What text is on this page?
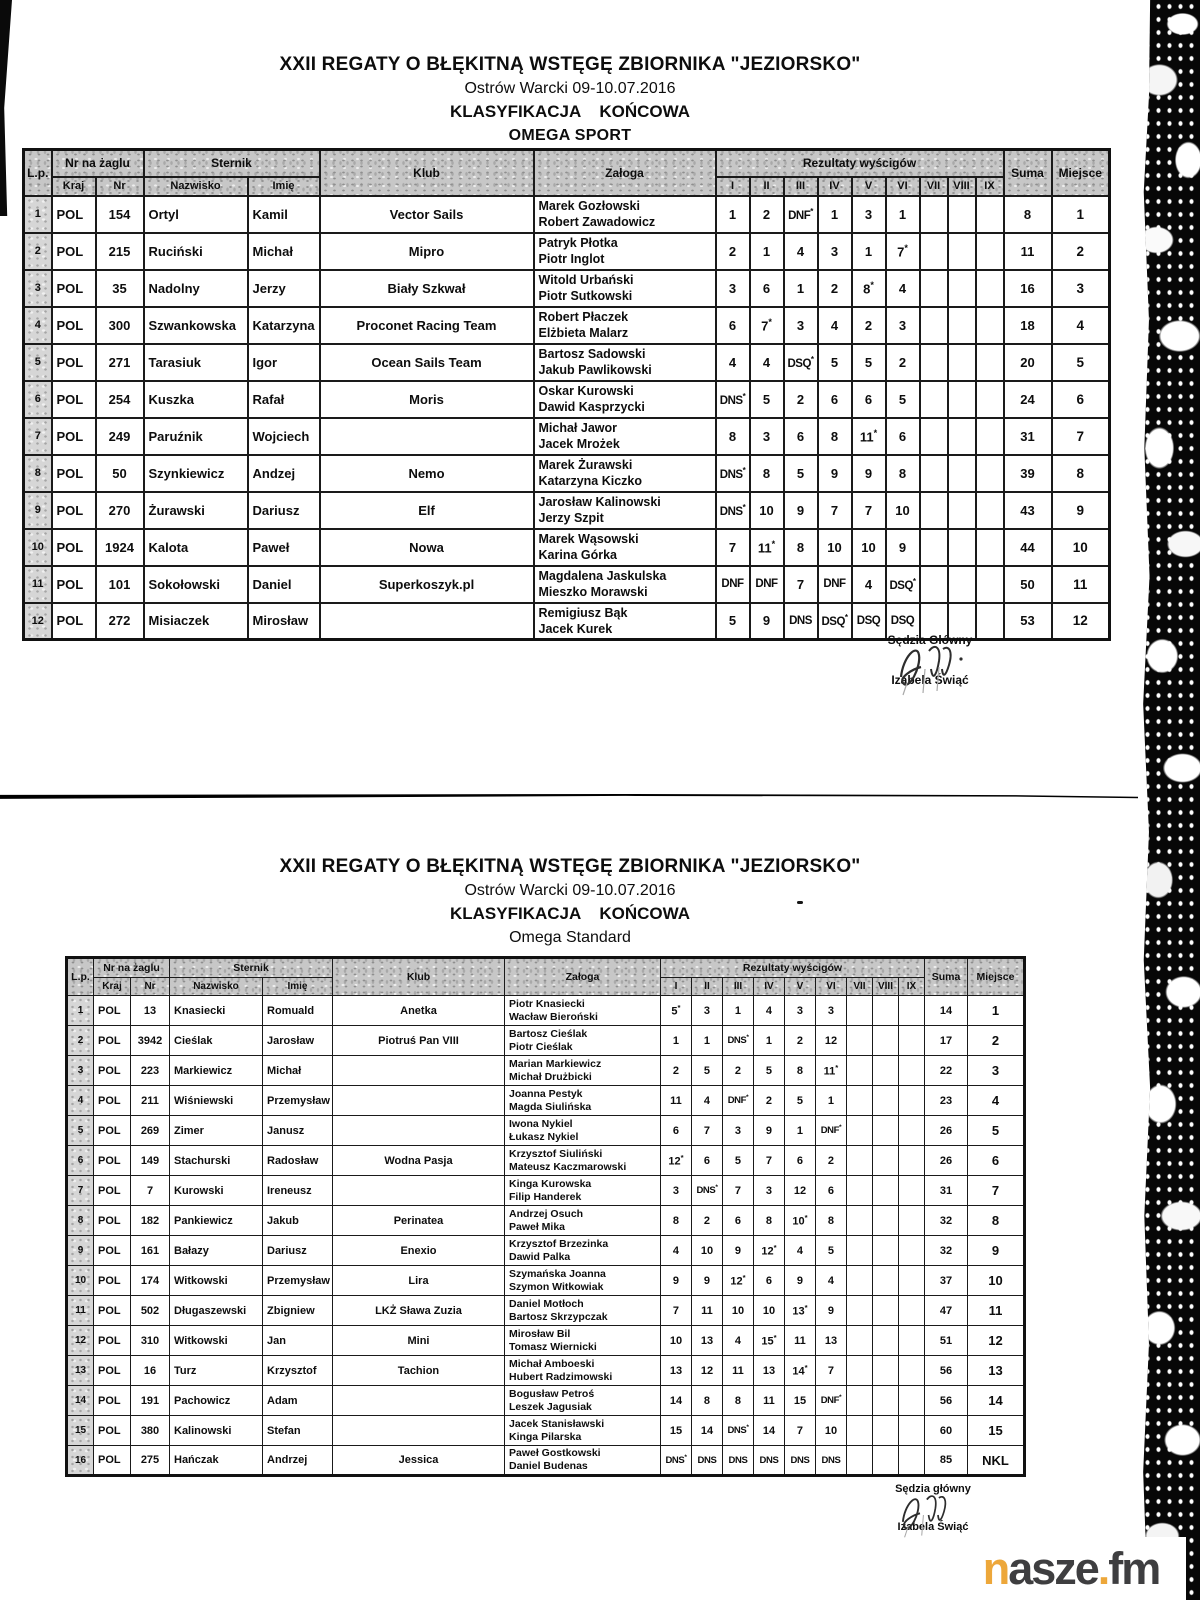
XXII REGATY O BŁĘKITNĄ WSTĘGĘ ZBIORNIKA "JEZIORSKO"
Ostrów Warcki 09-10.07.2016
KLASYFIKACJA KOŃCOWA
OMEGA SPORT
L.p.	Nr na żaglu		Sternik		Klub	Załoga	Rezultaty wyścigów									Suma	Miejsce
	Kraj	Nr	Nazwisko	Imię			I	II	III	IV	V	VI	VII	VIII	IX		
1	POL	154	Ortyl	Kamil	Vector Sails	Marek Gozłowski
Robert Zawadowicz	1	2	DNF*	1	3	1				8	1
2	POL	215	Ruciński	Michał	Mipro	Patryk Płotka
Piotr Inglot	2	1	4	3	1	7*				11	2
3	POL	35	Nadolny	Jerzy	Biały Szkwał	Witold Urbański
Piotr Sutkowski	3	6	1	2	8*	4				16	3
4	POL	300	Szwankowska	Katarzyna	Proconet Racing Team	Robert Płaczek
Elżbieta Malarz	6	7*	3	4	2	3				18	4
5	POL	271	Tarasiuk	Igor	Ocean Sails Team	Bartosz Sadowski
Jakub Pawlikowski	4	4	DSQ*	5	5	2				20	5
6	POL	254	Kuszka	Rafał	Moris	Oskar Kurowski
Dawid Kasprzycki	DNS*	5	2	6	6	5				24	6
7	POL	249	Paruźnik	Wojciech		Michał Jawor
Jacek Mrożek	8	3	6	8	11*	6				31	7
8	POL	50	Szynkiewicz	Andzej	Nemo	Marek Żurawski
Katarzyna Kiczko	DNS*	8	5	9	9	8				39	8
9	POL	270	Żurawski	Dariusz	Elf	Jarosław Kalinowski
Jerzy Szpit	DNS*	10	9	7	7	10				43	9
10	POL	1924	Kalota	Paweł	Nowa	Marek Wąsowski
Karina Górka	7	11*	8	10	10	9				44	10
11	POL	101	Sokołowski	Daniel	Superkoszyk.pl	Magdalena Jaskulska
Mieszko Morawski	DNF	DNF	7	DNF	4	DSQ*				50	11
12	POL	272	Misiaczek	Mirosław		Remigiusz Bąk
Jacek Kurek	5	9	DNS	DSQ*	DSQ	DSQ				53	12
Sędzia Główny
Izabela Świąć
XXII REGATY O BŁĘKITNĄ WSTĘGĘ ZBIORNIKA "JEZIORSKO"
Ostrów Warcki 09-10.07.2016
KLASYFIKACJA KOŃCOWA
Omega Standard
L.p.	Nr na żaglu		Sternik		Klub	Załoga	Rezultaty wyścigów									Suma	Miejsce
	Kraj	Nr	Nazwisko	Imię			I	II	III	IV	V	VI	VII	VIII	IX		
1	POL	13	Knasiecki	Romuald	Anetka	Piotr Knasiecki
Wacław Bieroński	5*	3	1	4	3	3				14	1
2	POL	3942	Cieślak	Jarosław	Piotruś Pan VIII	Bartosz Cieślak
Piotr Cieślak	1	1	DNS*	1	2	12				17	2
3	POL	223	Markiewicz	Michał		Marian Markiewicz
Michał Drużbicki	2	5	2	5	8	11*				22	3
4	POL	211	Wiśniewski	Przemysław		Joanna Pestyk
Magda Siulińska	11	4	DNF*	2	5	1				23	4
5	POL	269	Zimer	Janusz		Iwona Nykiel
Łukasz Nykiel	6	7	3	9	1	DNF*				26	5
6	POL	149	Stachurski	Radosław	Wodna Pasja	Krzysztof Siuliński
Mateusz Kaczmarowski	12*	6	5	7	6	2				26	6
7	POL	7	Kurowski	Ireneusz		Kinga Kurowska
Filip Handerek	3	DNS*	7	3	12	6				31	7
8	POL	182	Pankiewicz	Jakub	Perinatea	Andrzej Osuch
Paweł Mika	8	2	6	8	10*	8				32	8
9	POL	161	Bałazy	Dariusz	Enexio	Krzysztof Brzezinka
Dawid Palka	4	10	9	12*	4	5				32	9
10	POL	174	Witkowski	Przemysław	Lira	Szymańska Joanna
Szymon Witkowiak	9	9	12*	6	9	4				37	10
11	POL	502	Długaszewski	Zbigniew	LKŻ Sława Zuzia	Daniel Motłoch
Bartosz Skrzypczak	7	11	10	10	13*	9				47	11
12	POL	310	Witkowski	Jan	Mini	Mirosław Bil
Tomasz Wiernicki	10	13	4	15*	11	13				51	12
13	POL	16	Turz	Krzysztof	Tachion	Michał Amboeski
Hubert Radzimowski	13	12	11	13	14*	7				56	13
14	POL	191	Pachowicz	Adam		Bogusław Petroś
Leszek Jagusiak	14	8	8	11	15	DNF*				56	14
15	POL	380	Kalinowski	Stefan		Jacek Stanisławski
Kinga Pilarska	15	14	DNS*	14	7	10				60	15
16	POL	275	Hańczak	Andrzej	Jessica	Paweł Gostkowski
Daniel Budenas	DNS*	DNS	DNS	DNS	DNS	DNS				85	NKL
Sędzia główny
Izabela Świąć
n asze . fm
